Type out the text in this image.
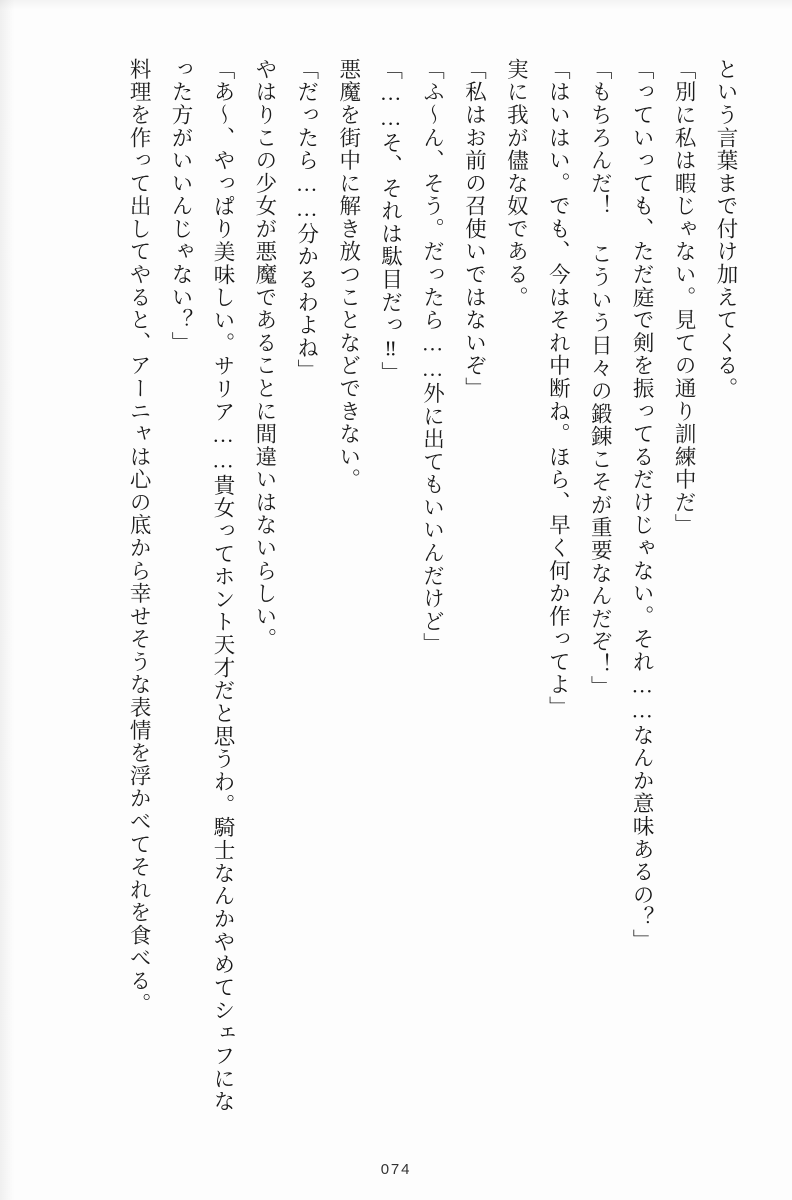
という言葉まで付け加えてくる。

「別に私は暇じゃない。見ての通り訓練中だ」

「っていっても、ただ庭で剣を振ってるだけじゃない。それ……なんか意味あるの？」

「もちろんだ！ こういう日々の鍛錬こそが重要なんだぞ！」

「はいはい。でも、今はそれ中断ね。ほら、早く何か作ってよ」

実に我が儘な奴である。

「私はお前の召使いではないぞ」

「ふ～ん、そう。だったら……外に出てもいいんだけど」

「……そ、それは駄目だっ‼」

悪魔を街中に解き放つことなどできない。

「だったら……分かるわよね」

やはりこの少女が悪魔であることに間違いはないらしい。

「あ～、やっぱり美味しい。サリア……貴女ってホント天才だと思うわ。騎士なんかやめてシェフになった方がいいんじゃない？」

料理を作って出してやると、アーニャは心の底から幸せそうな表情を浮かべてそれを食べる。

074
